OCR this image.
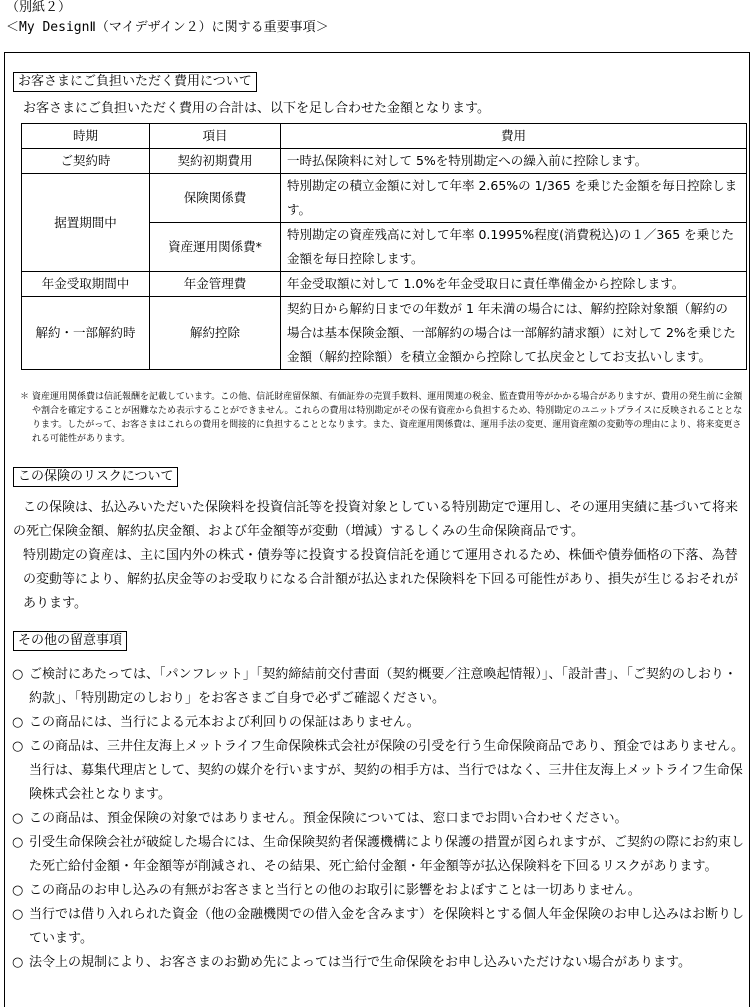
（別紙２）
＜My DesignⅡ（マイデザイン２）に関する重要事項＞
お客さまにご負担いただく費用について
お客さまにご負担いただく費用の合計は、以下を足し合わせた金額となります。
時期	項目	費用
ご契約時	契約初期費用	一時払保険料に対して 5%を特別勘定への繰入前に控除します。
据置期間中	保険関係費	特別勘定の積立金額に対して年率 2.65%の 1/365 を乗じた金額を毎日控除します。
	資産運用関係費*	特別勘定の資産残高に対して年率 0.1995%程度(消費税込)の１／365 を乗じた金額を毎日控除します。
年金受取期間中	年金管理費	年金受取額に対して 1.0%を年金受取日に責任準備金から控除します。
解約・一部解約時	解約控除	契約日から解約日までの年数が 1 年未満の場合には、解約控除対象額（解約の場合は基本保険金額、一部解約の場合は一部解約請求額）に対して 2%を乗じた金額（解約控除額）を積立金額から控除して払戻金としてお支払いします。
＊ 資産運用関係費は信託報酬を記載しています。この他、信託財産留保額、有価証券の売買手数料、運用関連の税金、監査費用等がかかる場合がありますが、費用の発生前に金額や割合を確定することが困難なため表示することができません。これらの費用は特別勘定がその保有資産から負担するため、特別勘定のユニットプライスに反映されることとなります。したがって、お客さまはこれらの費用を間接的に負担することとなります。また、資産運用関係費は、運用手法の変更、運用資産額の変動等の理由により、将来変更される可能性があります。
この保険のリスクについて

この保険は、払込みいただいた保険料を投資信託等を投資対象としている特別勘定で運用し、その運用実績に基づいて将来の死亡保険金額、解約払戻金額、および年金額等が変動（増減）するしくみの生命保険商品です。

特別勘定の資産は、主に国内外の株式・債券等に投資する投資信託を通じて運用されるため、株価や債券価格の下落、為替の変動等により、解約払戻金等のお受取りになる合計額が払込まれた保険料を下回る可能性があり、損失が生じるおそれがあります。

その他の留意事項
○ ご検討にあたっては、「パンフレット」「契約締結前交付書面（契約概要／注意喚起情報）」、「設計書」、「ご契約のしおり・約款」、「特別勘定のしおり」をお客さまご自身で必ずご確認ください。
○ この商品には、当行による元本および利回りの保証はありません。
○ この商品は、三井住友海上メットライフ生命保険株式会社が保険の引受を行う生命保険商品であり、預金ではありません。当行は、募集代理店として、契約の媒介を行いますが、契約の相手方は、当行ではなく、三井住友海上メットライフ生命保険株式会社となります。
○ この商品は、預金保険の対象ではありません。預金保険については、窓口までお問い合わせください。
○ 引受生命保険会社が破綻した場合には、生命保険契約者保護機構により保護の措置が図られますが、ご契約の際にお約束した死亡給付金額・年金額等が削減され、その結果、死亡給付金額・年金額等が払込保険料を下回るリスクがあります。
○ この商品のお申し込みの有無がお客さまと当行との他のお取引に影響をおよぼすことは一切ありません。
○ 当行では借り入れられた資金（他の金融機関での借入金を含みます）を保険料とする個人年金保険のお申し込みはお断りしています。
○ 法令上の規制により、お客さまのお勤め先によっては当行で生命保険をお申し込みいただけない場合があります。
